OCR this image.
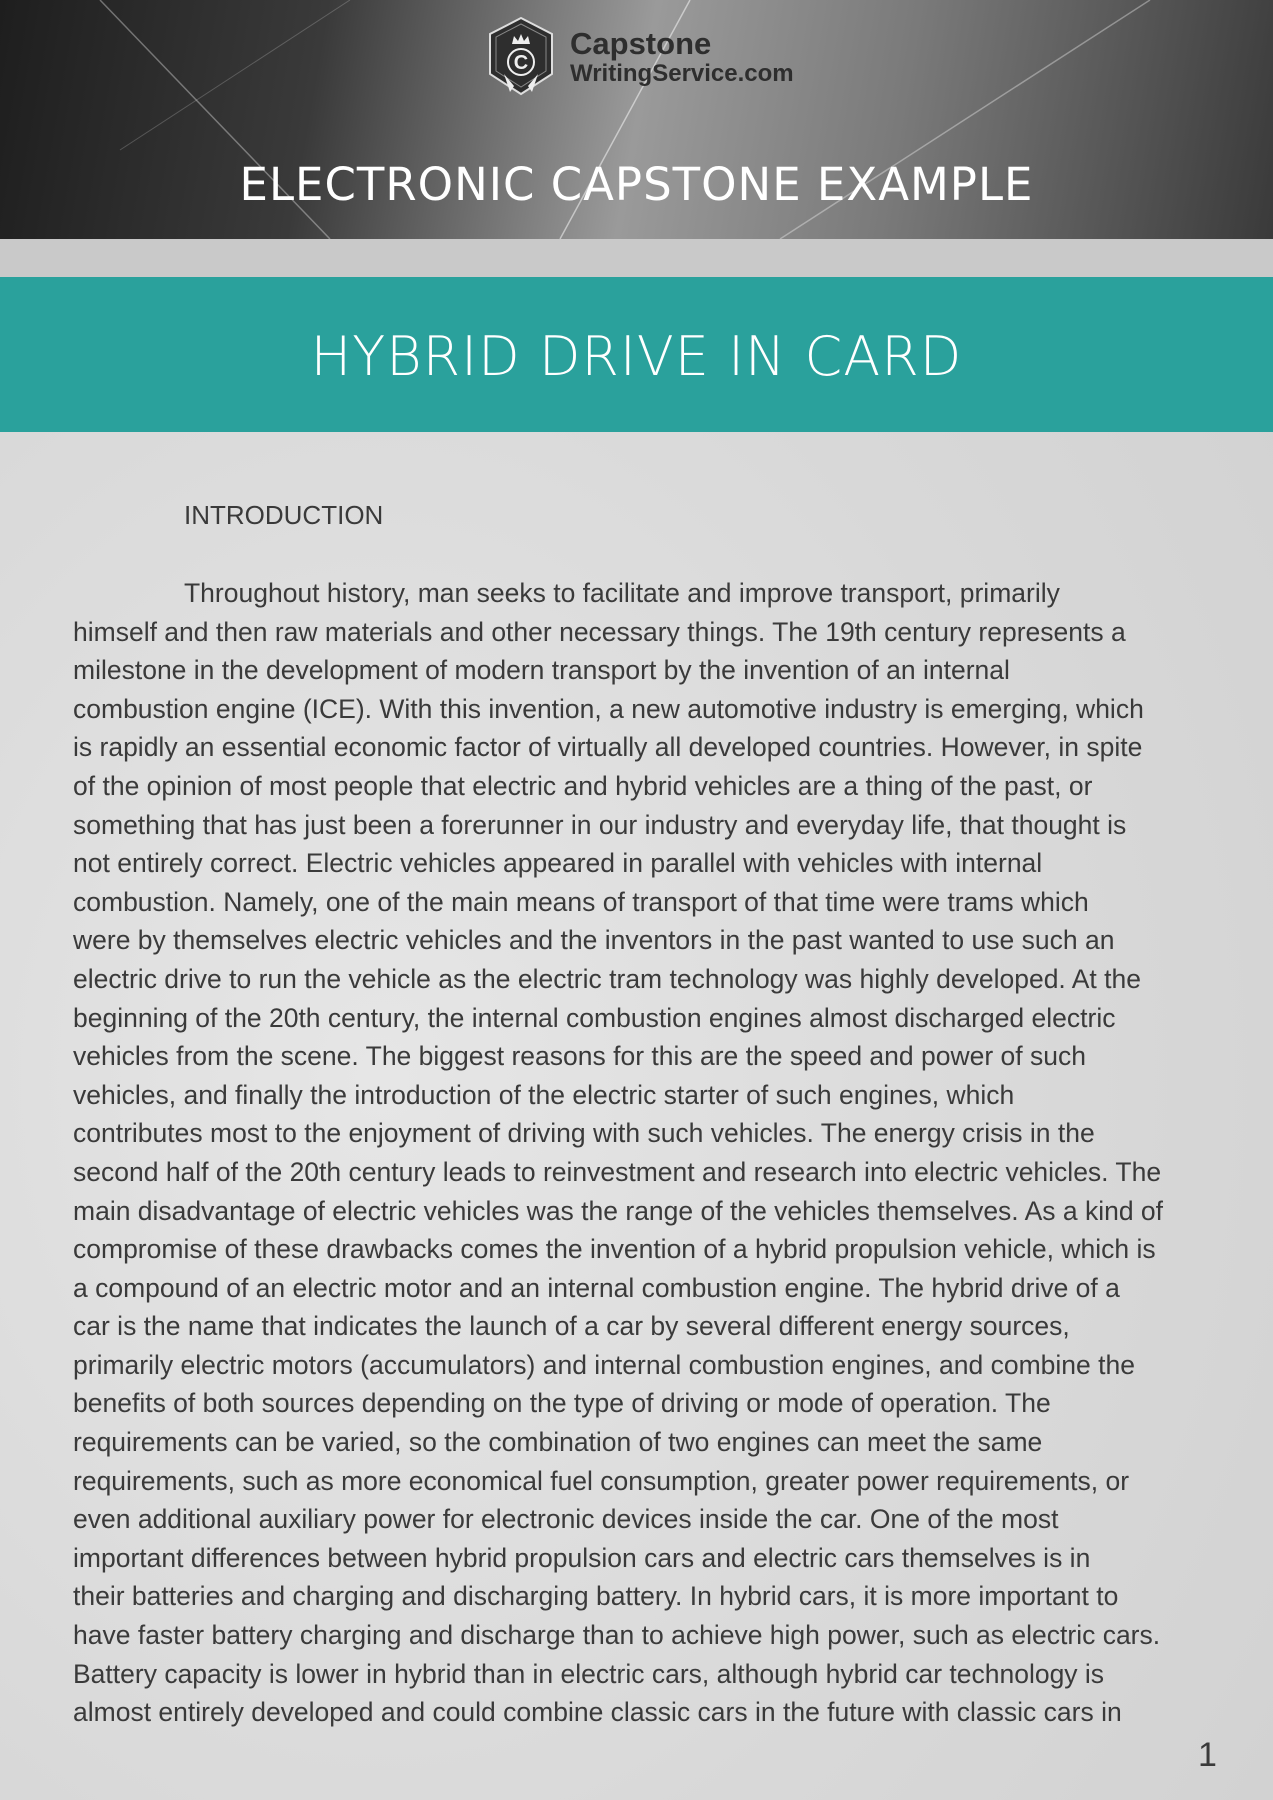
C
Capstone
WritingService.com
ELECTRONIC CAPSTONE EXAMPLE
HYBRID DRIVE IN CARD
INTRODUCTION
Throughout history, man seeks to facilitate and improve transport, primarily
himself and then raw materials and other necessary things. The 19th century represents a
milestone in the development of modern transport by the invention of an internal
combustion engine (ICE). With this invention, a new automotive industry is emerging, which
is rapidly an essential economic factor of virtually all developed countries. However, in spite
of the opinion of most people that electric and hybrid vehicles are a thing of the past, or
something that has just been a forerunner in our industry and everyday life, that thought is
not entirely correct. Electric vehicles appeared in parallel with vehicles with internal
combustion. Namely, one of the main means of transport of that time were trams which
were by themselves electric vehicles and the inventors in the past wanted to use such an
electric drive to run the vehicle as the electric tram technology was highly developed. At the
beginning of the 20th century, the internal combustion engines almost discharged electric
vehicles from the scene. The biggest reasons for this are the speed and power of such
vehicles, and finally the introduction of the electric starter of such engines, which
contributes most to the enjoyment of driving with such vehicles. The energy crisis in the
second half of the 20th century leads to reinvestment and research into electric vehicles. The
main disadvantage of electric vehicles was the range of the vehicles themselves. As a kind of
compromise of these drawbacks comes the invention of a hybrid propulsion vehicle, which is
a compound of an electric motor and an internal combustion engine. The hybrid drive of a
car is the name that indicates the launch of a car by several different energy sources,
primarily electric motors (accumulators) and internal combustion engines, and combine the
benefits of both sources depending on the type of driving or mode of operation. The
requirements can be varied, so the combination of two engines can meet the same
requirements, such as more economical fuel consumption, greater power requirements, or
even additional auxiliary power for electronic devices inside the car. One of the most
important differences between hybrid propulsion cars and electric cars themselves is in
their batteries and charging and discharging battery. In hybrid cars, it is more important to
have faster battery charging and discharge than to achieve high power, such as electric cars.
Battery capacity is lower in hybrid than in electric cars, although hybrid car technology is
almost entirely developed and could combine classic cars in the future with classic cars in
1
